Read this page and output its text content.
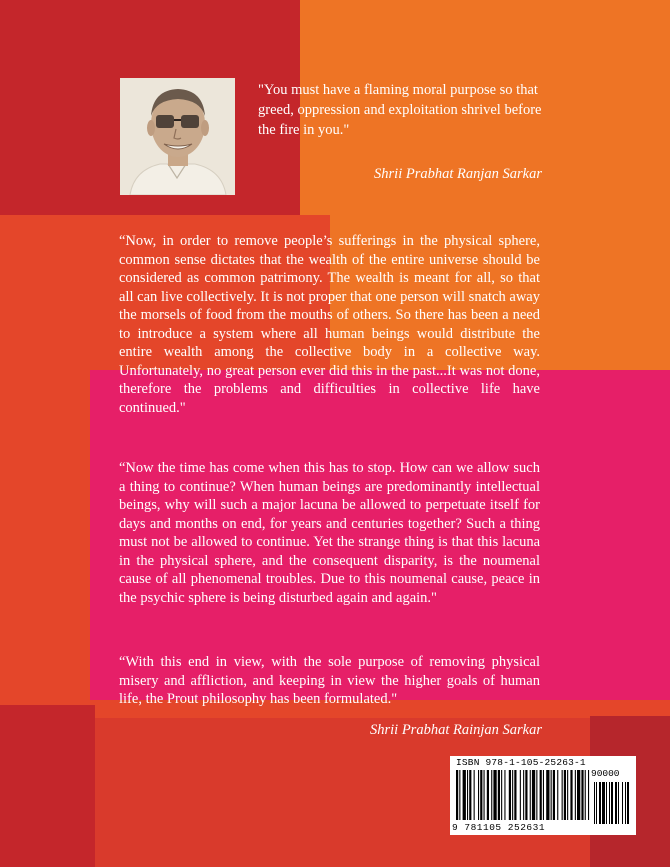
"You must have a flaming moral purpose so that greed, oppression and exploitation shrivel before the fire in you."

Shrii Prabhat Ranjan Sarkar

“Now, in order to remove people’s sufferings in the physical sphere, common sense dictates that the wealth of the entire universe should be considered as common patrimony. The wealth is meant for all, so that all can live collectively. It is not proper that one person will snatch away the morsels of food from the mouths of others. So there has been a need to introduce a system where all human beings would distribute the entire wealth among the collective body in a collective way. Unfortunately, no great person ever did this in the past...It was not done, therefore the problems and difficulties in collective life have continued."

“Now the time has come when this has to stop. How can we allow such a thing to continue? When human beings are predominantly intellectual beings, why will such a major lacuna be allowed to perpetuate itself for days and months on end, for years and centuries together? Such a thing must not be allowed to continue. Yet the strange thing is that this lacuna in the physical sphere, and the consequent disparity, is the noumenal cause of all phenomenal troubles. Due to this noumenal cause, peace in the psychic sphere is being disturbed again and again."

“With this end in view, with the sole purpose of removing physical misery and affliction, and keeping in view the higher goals of human life, the Prout philosophy has been formulated."

Shrii Prabhat Rainjan Sarkar
ISBN 978-1-105-25263-1
90000
9 781105 252631
